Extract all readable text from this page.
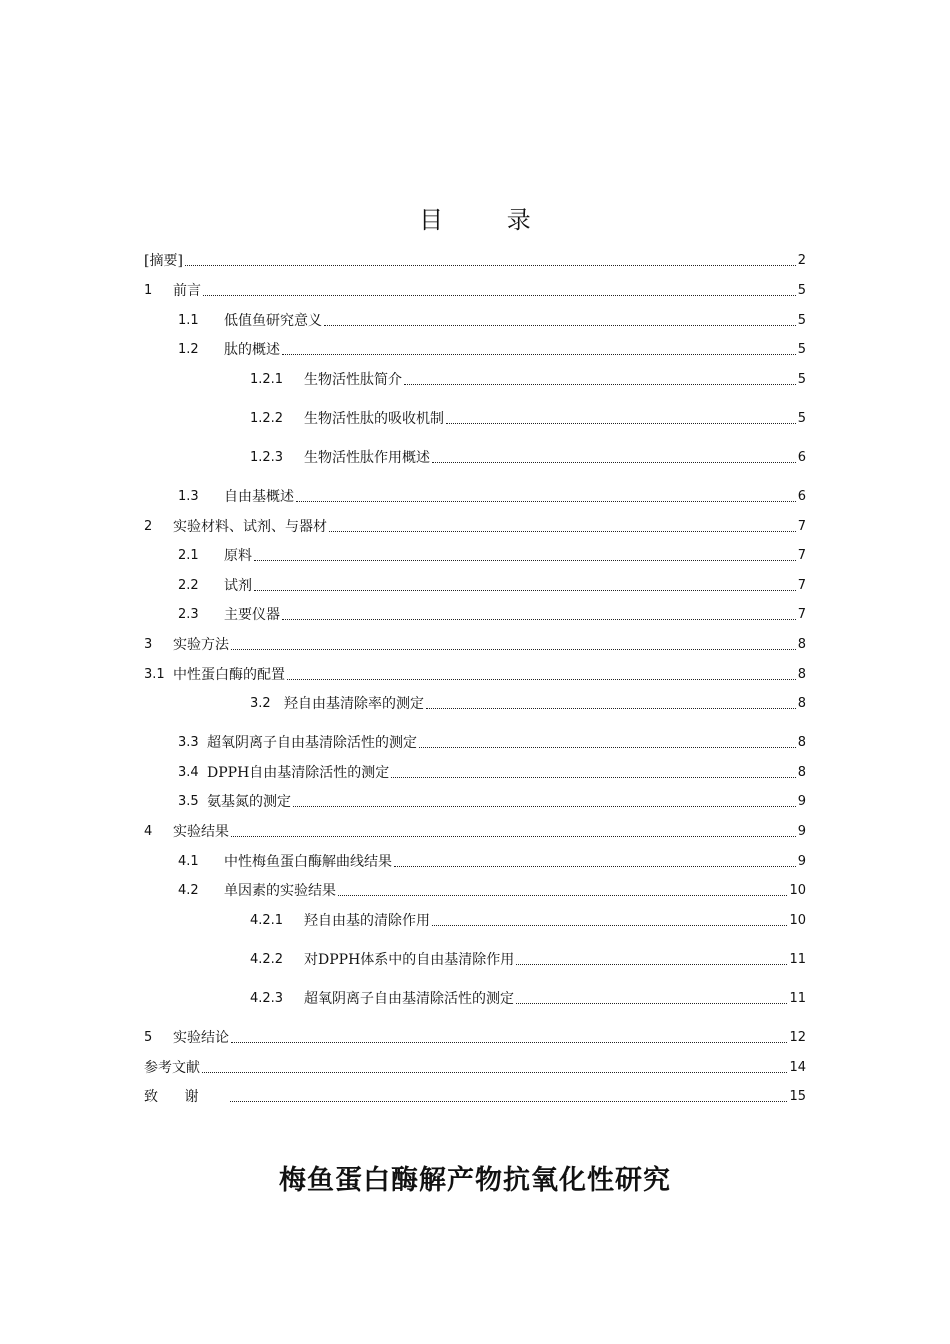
目 录
[摘要]	2
1	前言	5
1.1	低值鱼研究意义	5
1.2	肽的概述	5
1.2.1	生物活性肽简介	5
1.2.2	生物活性肽的吸收机制	5
1.2.3	生物活性肽作用概述	6
1.3	自由基概述	6
2	实验材料、试剂、与器材	7
2.1	原料	7
2.2	试剂	7
2.3	主要仪器	7
3	实验方法	8
3.1 中性蛋白酶的配置	8
3.2 羟自由基清除率的测定	8
3.3 超氧阴离子自由基清除活性的测定	8
3.4 DPPH自由基清除活性的测定	8
3.5 氨基氮的测定	9
4	实验结果	9
4.1	中性梅鱼蛋白酶解曲线结果	9
4.2	单因素的实验结果	10
4.2.1	羟自由基的清除作用	10
4.2.2	对DPPH体系中的自由基清除作用	11
4.2.3	超氧阴离子自由基清除活性的测定	11
5	实验结论	12
参考文献	14
致 谢	15
梅鱼蛋白酶解产物抗氧化性研究
